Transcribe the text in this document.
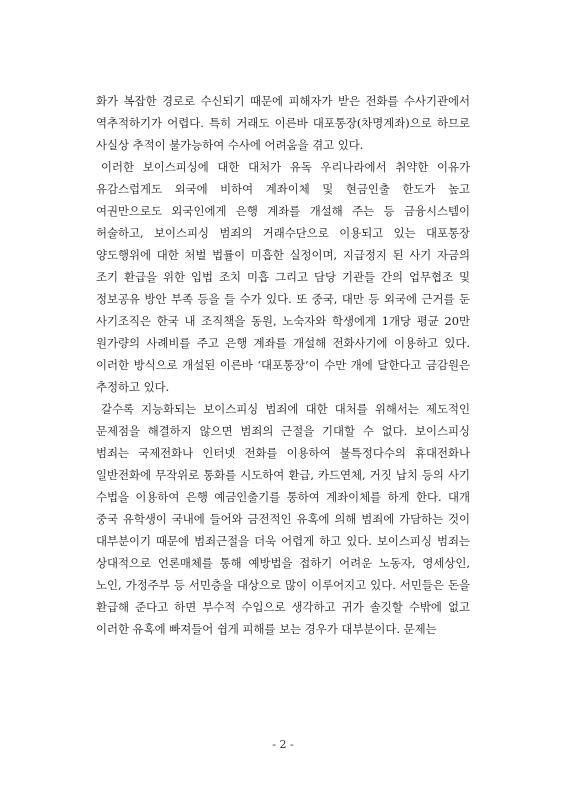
화가 복잡한 경로로 수신되기 때문에 피해자가 받은 전화를 수사기관에서 역추적하기가 어렵다. 특히 거래도 이른바 대포통장(차명계좌)으로 하므로 사실상 추적이 불가능하여 수사에 어려움을 겪고 있다.

이러한 보이스피싱에 대한 대처가 유독 우리나라에서 취약한 이유가 유감스럽게도 외국에 비하여 계좌이체 및 현금인출 한도가 높고 여권만으로도 외국인에게 은행 계좌를 개설해 주는 등 금융시스템이 허술하고, 보이스피싱 범죄의 거래수단으로 이용되고 있는 대포통장 양도행위에 대한 처벌 법률이 미흡한 실정이며, 지급정지 된 사기 자금의 조기 환급을 위한 입법 조치 미흡 그리고 담당 기관들 간의 업무협조 및 정보공유 방안 부족 등을 들 수가 있다. 또 중국, 대만 등 외국에 근거를 둔 사기조직은 한국 내 조직책을 동원, 노숙자와 학생에게 1개당 평균 20만 원가량의 사례비를 주고 은행 계좌를 개설해 전화사기에 이용하고 있다. 이러한 방식으로 개설된 이른바 ‘대포통장’이 수만 개에 달한다고 금감원은 추정하고 있다.

갈수록 지능화되는 보이스피싱 범죄에 대한 대처를 위해서는 제도적인 문제점을 해결하지 않으면 범죄의 근절을 기대할 수 없다. 보이스피싱 범죄는 국제전화나 인터넷 전화를 이용하여 불특정다수의 휴대전화나 일반전화에 무작위로 통화를 시도하여 환급, 카드연체, 거짓 납치 등의 사기 수법을 이용하여 은행 예금인출기를 통하여 계좌이체를 하게 한다. 대개 중국 유학생이 국내에 들어와 금전적인 유혹에 의해 범죄에 가담하는 것이 대부분이기 때문에 범죄근절을 더욱 어렵게 하고 있다. 보이스피싱 범죄는 상대적으로 언론매체를 통해 예방법을 접하기 어려운 노동자, 영세상인, 노인, 가정주부 등 서민층을 대상으로 많이 이루어지고 있다. 서민들은 돈을 환급해 준다고 하면 부수적 수입으로 생각하고 귀가 솔깃할 수밖에 없고 이러한 유혹에 빠져들어 쉽게 피해를 보는 경우가 대부분이다. 문제는

- 2 -
